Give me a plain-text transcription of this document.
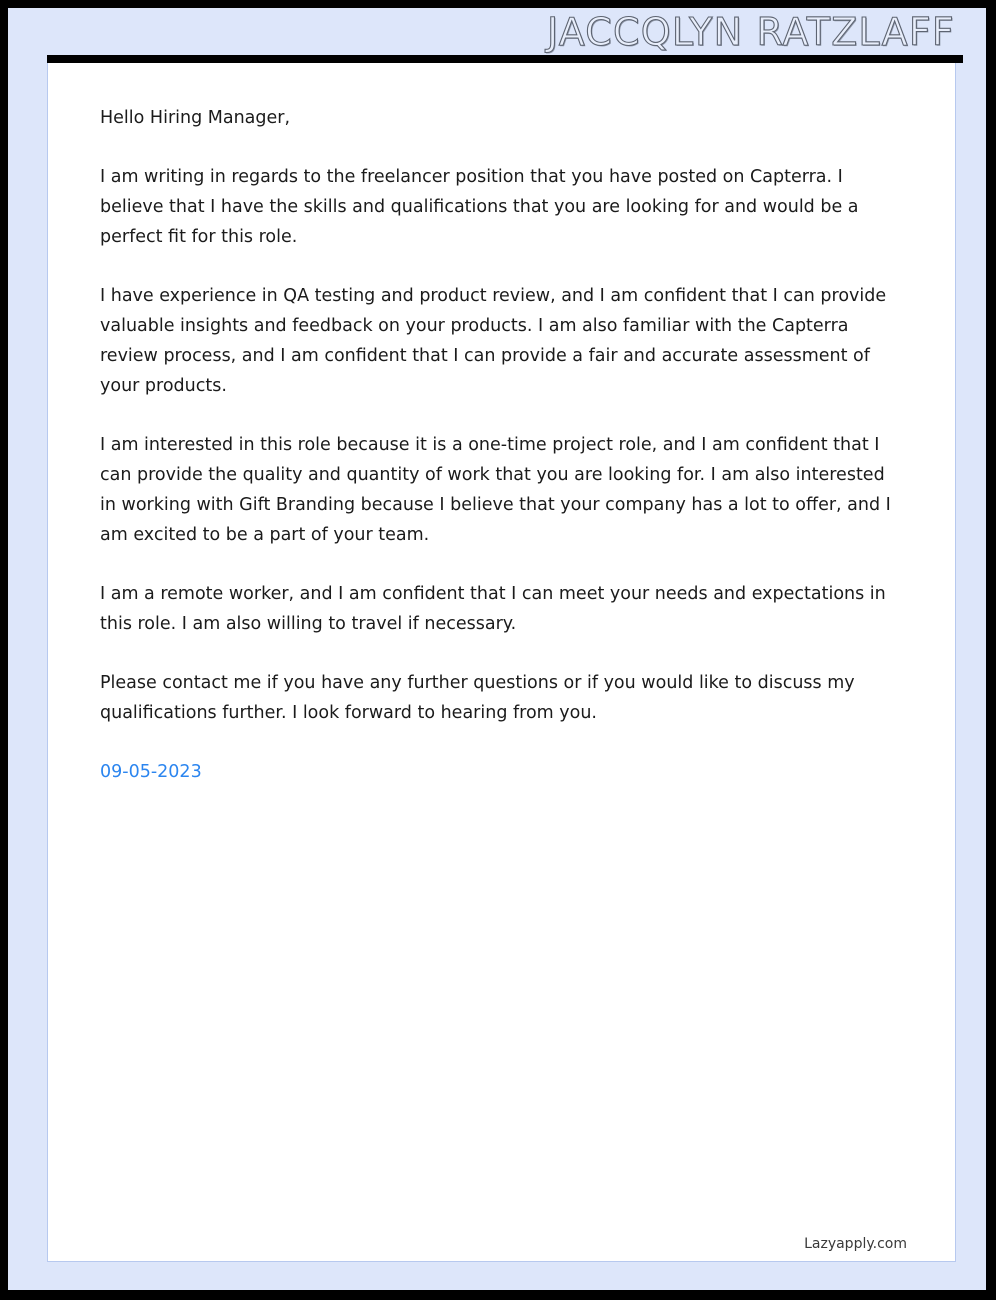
JACCQLYN RATZLAFF

Hello Hiring Manager,

I am writing in regards to the freelancer position that you have posted on Capterra. I believe that I have the skills and qualifications that you are looking for and would be a perfect fit for this role.

I have experience in QA testing and product review, and I am confident that I can provide valuable insights and feedback on your products. I am also familiar with the Capterra review process, and I am confident that I can provide a fair and accurate assessment of your products.

I am interested in this role because it is a one-time project role, and I am confident that I can provide the quality and quantity of work that you are looking for. I am also interested in working with Gift Branding because I believe that your company has a lot to offer, and I am excited to be a part of your team.

I am a remote worker, and I am confident that I can meet your needs and expectations in this role. I am also willing to travel if necessary.

Please contact me if you have any further questions or if you would like to discuss my qualifications further. I look forward to hearing from you.

09-05-2023

Lazyapply.com
